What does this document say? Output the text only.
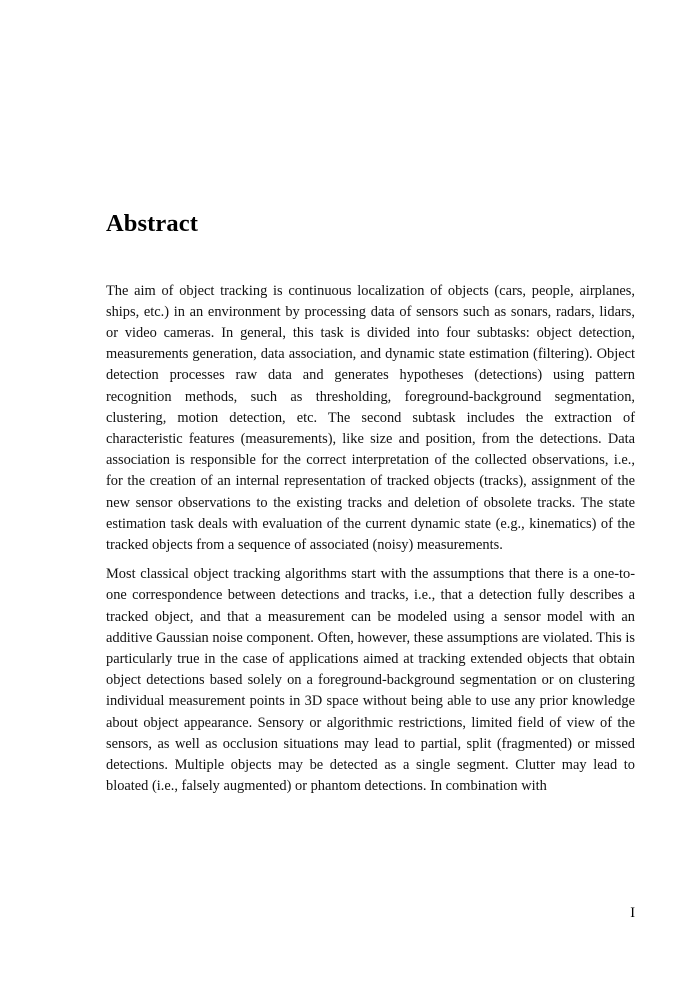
Abstract

The aim of object tracking is continuous localization of objects (cars, people, airplanes, ships, etc.) in an environment by processing data of sensors such as sonars, radars, lidars, or video cameras. In general, this task is divided into four subtasks: object detection, measurements generation, data association, and dynamic state estimation (filtering). Object detection processes raw data and generates hypotheses (detections) using pattern recognition methods, such as thresholding, foreground-background segmentation, clustering, motion detection, etc. The second subtask includes the extraction of characteristic features (measurements), like size and position, from the detections. Data association is responsible for the correct interpretation of the collected observations, i.e., for the creation of an internal representation of tracked objects (tracks), assignment of the new sensor observations to the existing tracks and deletion of obsolete tracks. The state estimation task deals with evaluation of the current dynamic state (e.g., kinematics) of the tracked objects from a sequence of associated (noisy) measurements.

Most classical object tracking algorithms start with the assumptions that there is a one-to-one correspondence between detections and tracks, i.e., that a detection fully describes a tracked object, and that a measurement can be modeled using a sensor model with an additive Gaussian noise component. Often, however, these assumptions are violated. This is particularly true in the case of applications aimed at tracking extended objects that obtain object detections based solely on a foreground-background segmentation or on clustering individual measurement points in 3D space without being able to use any prior knowledge about object appearance. Sensory or algorithmic restrictions, limited field of view of the sensors, as well as occlusion situations may lead to partial, split (fragmented) or missed detections. Multiple objects may be detected as a single segment. Clutter may lead to bloated (i.e., falsely augmented) or phantom detections. In combination with

I
